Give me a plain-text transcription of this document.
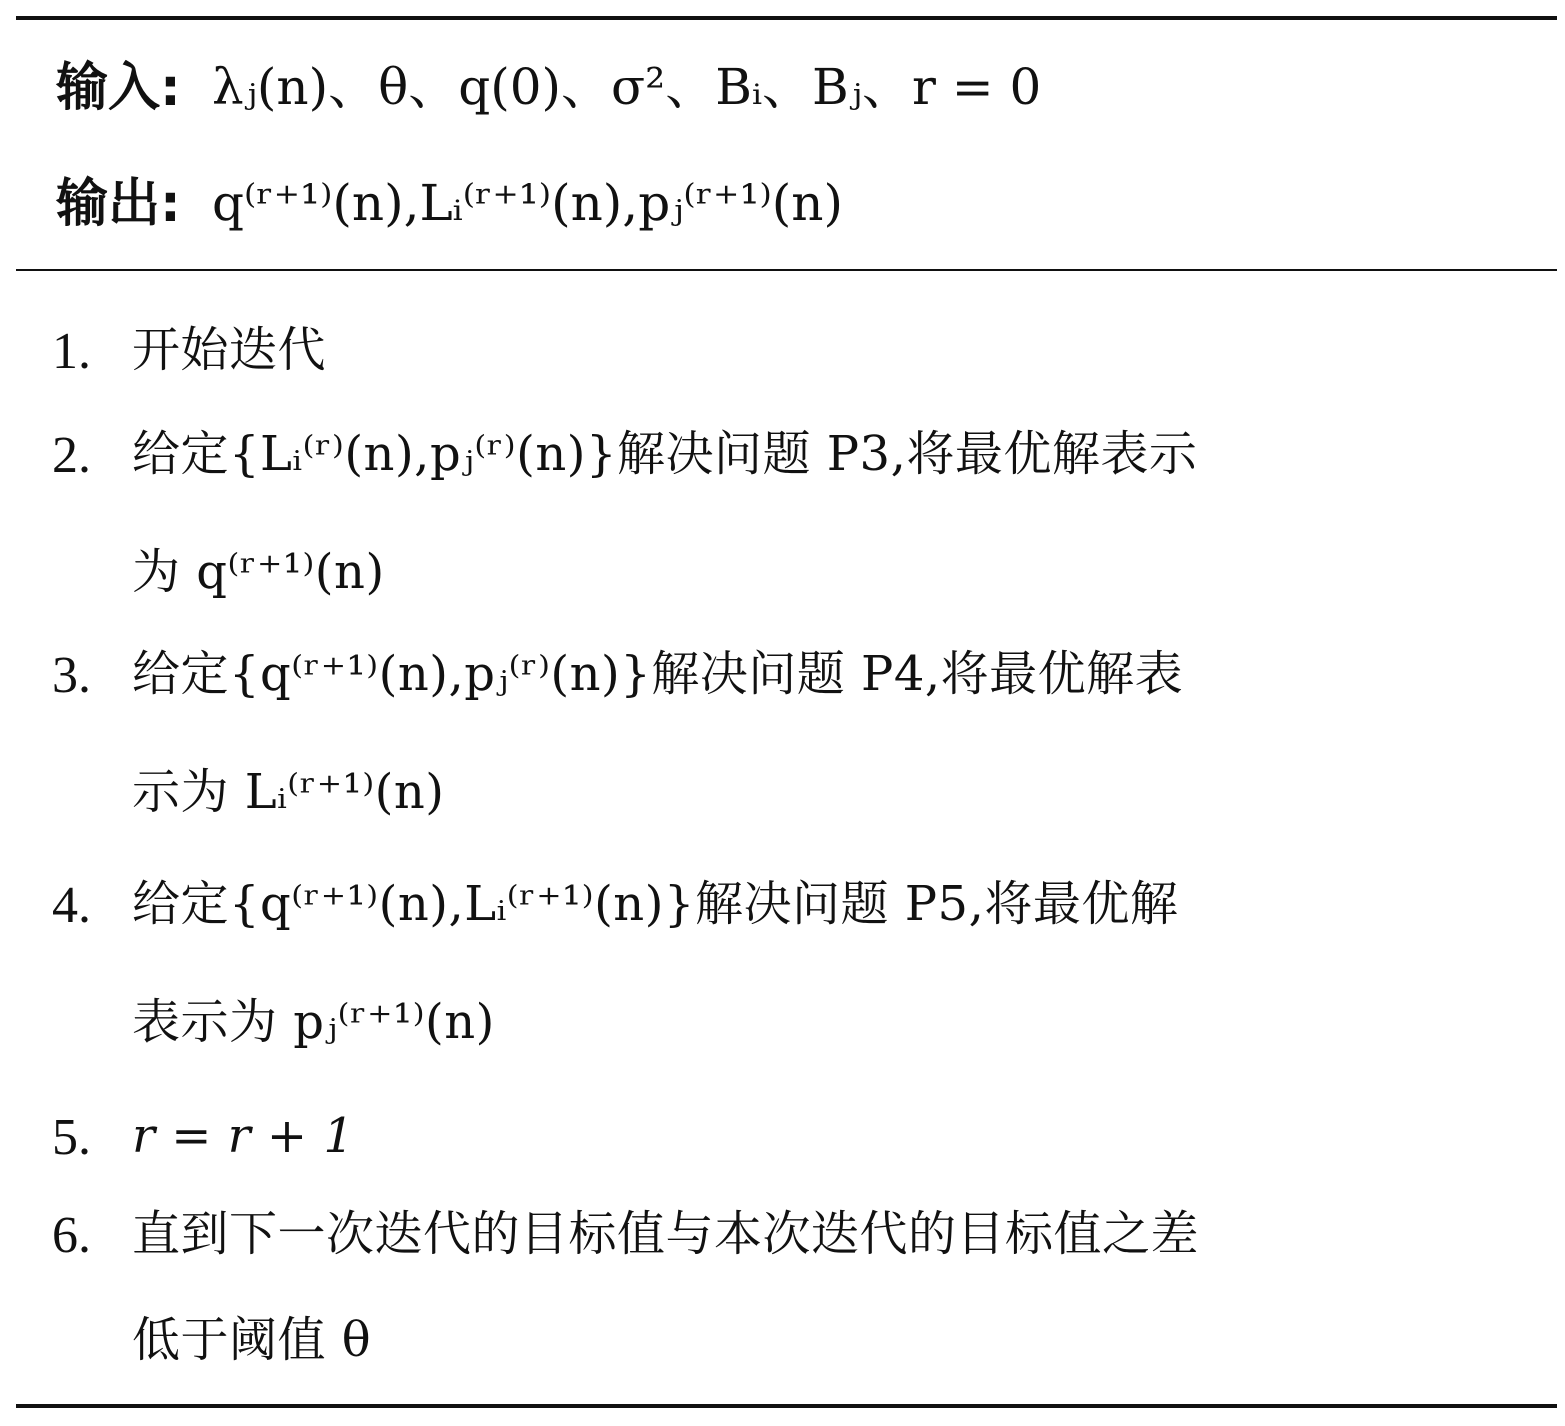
输入: λⱼ(n)、θ、q(0)、σ²、Bᵢ、Bⱼ、r = 0
输出: q⁽ʳ⁺¹⁾(n),Lᵢ⁽ʳ⁺¹⁾(n),pⱼ⁽ʳ⁺¹⁾(n)
1. 开始迭代
2. 给定{Lᵢ⁽ʳ⁾(n),pⱼ⁽ʳ⁾(n)}解决问题 P3,将最优解表示
为 q⁽ʳ⁺¹⁾(n)
3. 给定{q⁽ʳ⁺¹⁾(n),pⱼ⁽ʳ⁾(n)}解决问题 P4,将最优解表
示为 Lᵢ⁽ʳ⁺¹⁾(n)
4. 给定{q⁽ʳ⁺¹⁾(n),Lᵢ⁽ʳ⁺¹⁾(n)}解决问题 P5,将最优解
表示为 pⱼ⁽ʳ⁺¹⁾(n)
5. r = r + 1
6. 直到下一次迭代的目标值与本次迭代的目标值之差
低于阈值 θ
